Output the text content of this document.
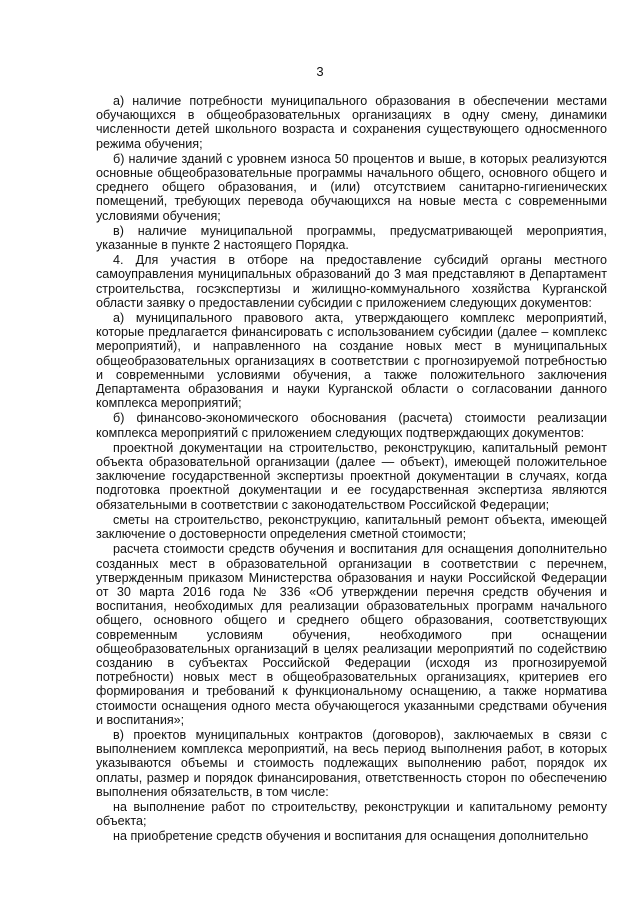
3

а) наличие потребности муниципального образования в обеспечении местами обучающихся в общеобразовательных организациях в одну смену, динамики численности детей школьного возраста и сохранения существующего односменного режима обучения;

б) наличие зданий с уровнем износа 50 процентов и выше, в которых реализуются основные общеобразовательные программы начального общего, основного общего и среднего общего образования, и (или) отсутствием санитарно-гигиенических помещений, требующих перевода обучающихся на новые места с современными условиями обучения;

в) наличие муниципальной программы, предусматривающей мероприятия, указанные в пункте 2 настоящего Порядка.

4. Для участия в отборе на предоставление субсидий органы местного самоуправления муниципальных образований до 3 мая представляют в Департамент строительства, госэкспертизы и жилищно-коммунального хозяйства Курганской области заявку о предоставлении субсидии с приложением следующих документов:

а) муниципального правового акта, утверждающего комплекс мероприятий, которые предлагается финансировать с использованием субсидии (далее – комплекс мероприятий), и направленного на создание новых мест в муниципальных общеобразовательных организациях в соответствии с прогнозируемой потребностью и современными условиями обучения, а также положительного заключения Департамента образования и науки Курганской области о согласовании данного комплекса мероприятий;

б) финансово-экономического обоснования (расчета) стоимости реализации комплекса мероприятий с приложением следующих подтверждающих документов:

проектной документации на строительство, реконструкцию, капитальный ремонт объекта образовательной организации (далее — объект), имеющей положительное заключение государственной экспертизы проектной документации в случаях, когда подготовка проектной документации и ее государственная экспертиза являются обязательными в соответствии с законодательством Российской Федерации;

сметы на строительство, реконструкцию, капитальный ремонт объекта, имеющей заключение о достоверности определения сметной стоимости;

расчета стоимости средств обучения и воспитания для оснащения дополнительно созданных мест в образовательной организации в соответствии с перечнем, утвержденным приказом Министерства образования и науки Российской Федерации от 30 марта 2016 года № 336 «Об утверждении перечня средств обучения и воспитания, необходимых для реализации образовательных программ начального общего, основного общего и среднего общего образования, соответствующих современным условиям обучения, необходимого при оснащении общеобразовательных организаций в целях реализации мероприятий по содействию созданию в субъектах Российской Федерации (исходя из прогнозируемой потребности) новых мест в общеобразовательных организациях, критериев его формирования и требований к функциональному оснащению, а также норматива стоимости оснащения одного места обучающегося указанными средствами обучения и воспитания»;

в) проектов муниципальных контрактов (договоров), заключаемых в связи с выполнением комплекса мероприятий, на весь период выполнения работ, в которых указываются объемы и стоимость подлежащих выполнению работ, порядок их оплаты, размер и порядок финансирования, ответственность сторон по обеспечению выполнения обязательств, в том числе:

на выполнение работ по строительству, реконструкции и капитальному ремонту объекта;

на приобретение средств обучения и воспитания для оснащения дополнительно
